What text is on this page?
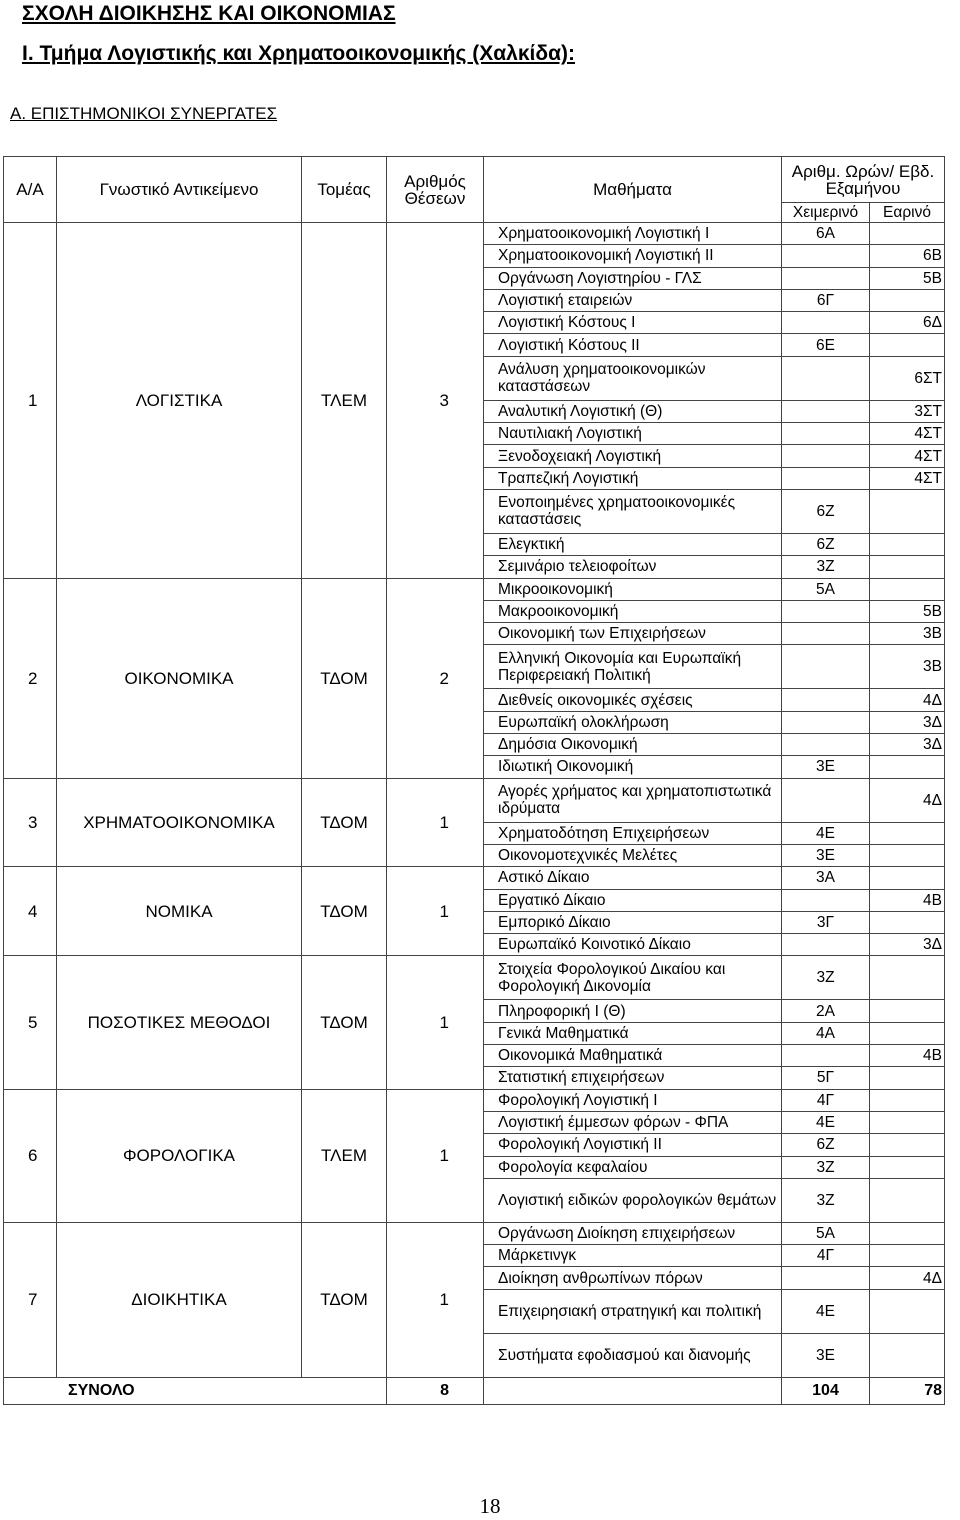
ΣΧΟΛΗ ΔΙΟΙΚΗΣΗΣ ΚΑΙ ΟΙΚΟΝΟΜΙΑΣ
Ι. Τμήμα Λογιστικής και Χρηματοοικονομικής (Χαλκίδα):
Α. ΕΠΙΣΤΗΜΟΝΙΚΟΙ ΣΥΝΕΡΓΑΤΕΣ
Α/Α	Γνωστικό Αντικείμενο	Τομέας	Αριθμός Θέσεων	Μαθήματα	Αριθμ. Ωρών/ Εβδ. Εξαμήνου	
					Χειμερινό	Εαρινό
1	ΛΟΓΙΣΤΙΚΑ	ΤΛΕΜ	3	Χρηματοοικονομική Λογιστική Ι	6Α	
				Χρηματοοικονομική Λογιστική ΙΙ		6Β
				Οργάνωση Λογιστηρίου - ΓΛΣ		5Β
				Λογιστική εταιρειών	6Γ	
				Λογιστική Κόστους Ι		6Δ
				Λογιστική Κόστους ΙΙ	6Ε	
				Ανάλυση χρηματοοικονομικών καταστάσεων		6ΣΤ
				Αναλυτική Λογιστική (Θ)		3ΣΤ
				Ναυτιλιακή Λογιστική		4ΣΤ
				Ξενοδοχειακή Λογιστική		4ΣΤ
				Τραπεζική Λογιστική		4ΣΤ
				Ενοποιημένες χρηματοοικονομικές καταστάσεις	6Ζ	
				Ελεγκτική	6Ζ	
				Σεμινάριο τελειοφοίτων	3Ζ	
2	ΟΙΚΟΝΟΜΙΚΑ	ΤΔΟΜ	2	Μικροοικονομική	5Α	
				Μακροοικονομική		5Β
				Οικονομική των Επιχειρήσεων		3Β
				Ελληνική Οικονομία και Ευρωπαϊκή Περιφερειακή Πολιτική		3Β
				Διεθνείς οικονομικές σχέσεις		4Δ
				Ευρωπαϊκή ολοκλήρωση		3Δ
				Δημόσια Οικονομική		3Δ
				Ιδιωτική Οικονομική	3Ε	
3	ΧΡΗΜΑΤΟΟΙΚΟΝΟΜΙΚΑ	ΤΔΟΜ	1	Αγορές χρήματος και χρηματοπιστωτικά ιδρύματα		4Δ
				Χρηματοδότηση Επιχειρήσεων	4Ε	
				Οικονομοτεχνικές Μελέτες	3Ε	
4	ΝΟΜΙΚΑ	ΤΔΟΜ	1	Αστικό Δίκαιο	3Α	
				Εργατικό Δίκαιο		4Β
				Εμπορικό Δίκαιο	3Γ	
				Ευρωπαϊκό Κοινοτικό Δίκαιο		3Δ
5	ΠΟΣΟΤΙΚΕΣ ΜΕΘΟΔΟΙ	ΤΔΟΜ	1	Στοιχεία Φορολογικού Δικαίου και Φορολογική Δικονομία	3Ζ	
				Πληροφορική Ι (Θ)	2Α	
				Γενικά Μαθηματικά	4Α	
				Οικονομικά Μαθηματικά		4Β
				Στατιστική επιχειρήσεων	5Γ	
6	ΦΟΡΟΛΟΓΙΚΑ	ΤΛΕΜ	1	Φορολογική Λογιστική Ι	4Γ	
				Λογιστική έμμεσων φόρων - ΦΠΑ	4Ε	
				Φορολογική Λογιστική ΙΙ	6Ζ	
				Φορολογία κεφαλαίου	3Ζ	
				Λογιστική ειδικών φορολογικών θεμάτων	3Ζ	
7	ΔΙΟΙΚΗΤΙΚΑ	ΤΔΟΜ	1	Οργάνωση Διοίκηση επιχειρήσεων	5Α	
				Μάρκετινγκ	4Γ	
				Διοίκηση ανθρωπίνων πόρων		4Δ
				Επιχειρησιακή στρατηγική και πολιτική	4Ε	
				Συστήματα εφοδιασμού και διανομής	3Ε	
ΣΥΝΟΛΟ			8		104	78
18
